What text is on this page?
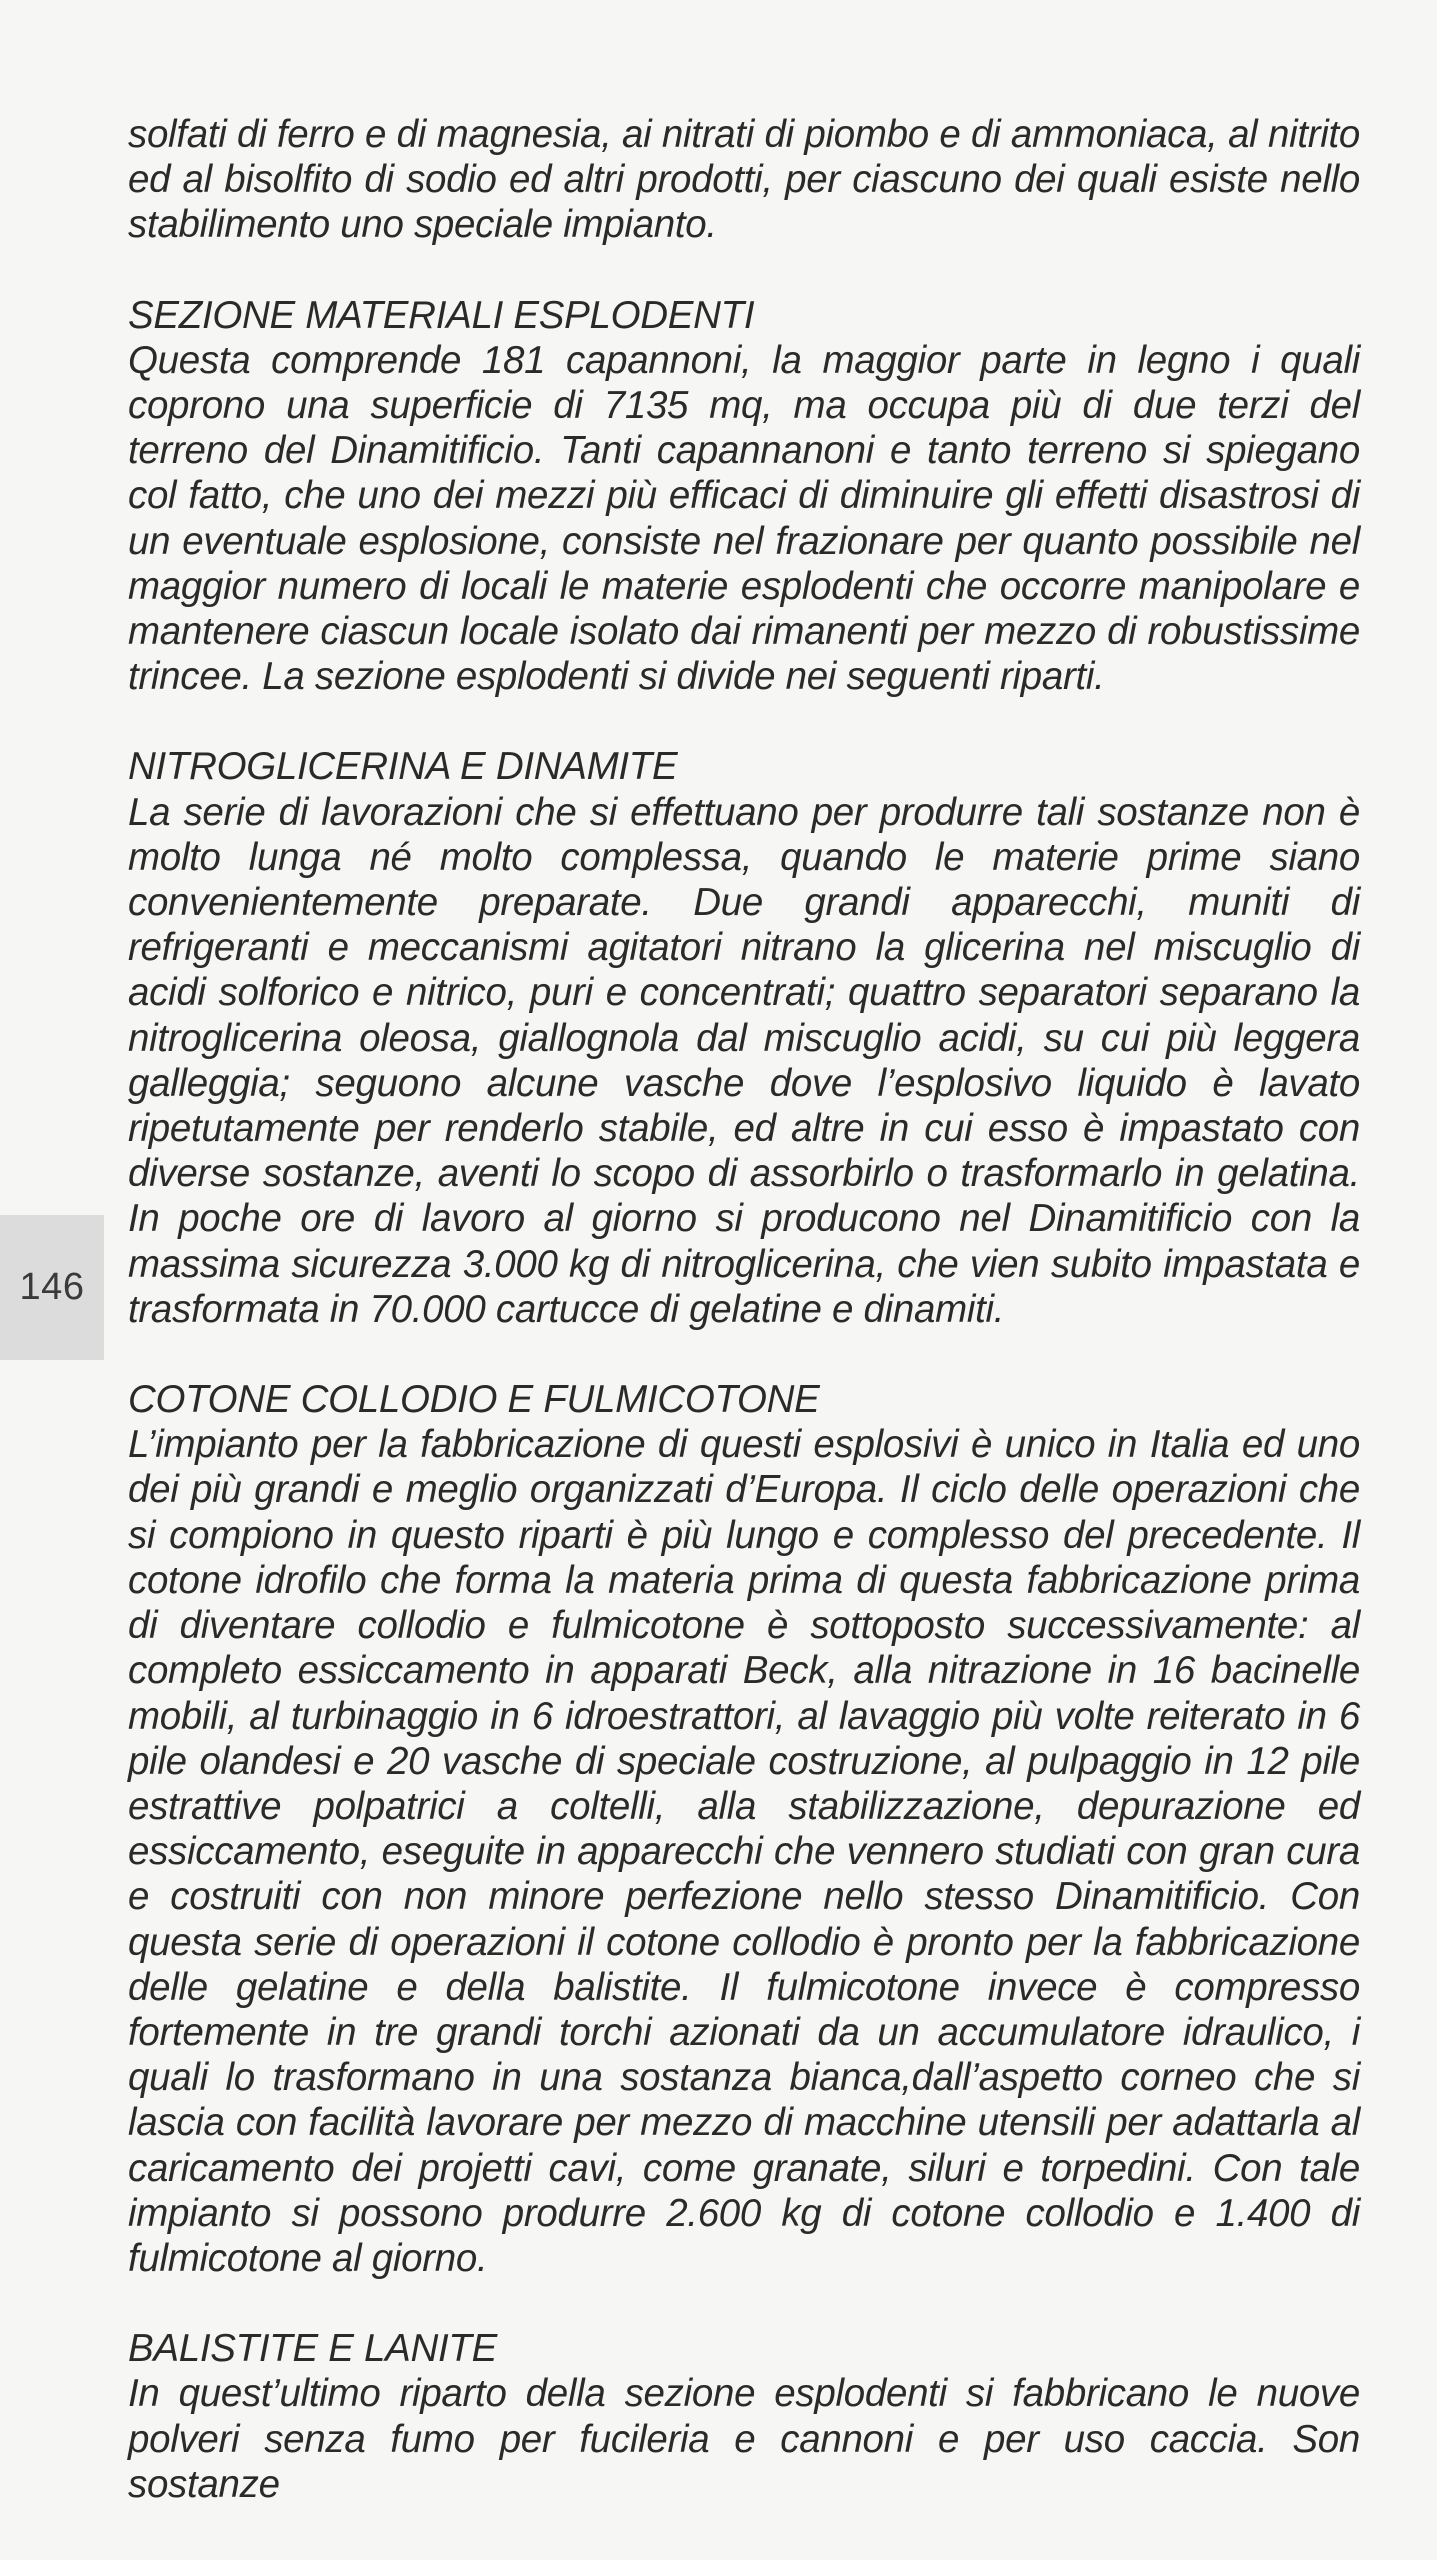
solfati di ferro e di magnesia, ai nitrati di piombo e di ammoniaca, al nitrito ed al bisolfito di sodio ed altri prodotti, per ciascuno dei quali esiste nello stabilimento uno speciale impianto.

SEZIONE MATERIALI ESPLODENTI

Questa comprende 181 capannoni, la maggior parte in legno i quali coprono una superficie di 7135 mq, ma occupa più di due terzi del terreno del Dinamitificio. Tanti capannanoni e tanto terreno si spiegano col fatto, che uno dei mezzi più efficaci di diminuire gli effetti disastrosi di un eventuale esplosione, consiste nel frazionare per quanto possibile nel maggior numero di locali le materie esplodenti che occorre manipolare e mantenere ciascun locale isolato dai rimanenti per mezzo di robustissime trincee. La sezione esplodenti si divide nei seguenti riparti.

NITROGLICERINA E DINAMITE

La serie di lavorazioni che si effettuano per produrre tali sostanze non è molto lunga né molto complessa, quando le materie prime siano convenientemente preparate. Due grandi apparecchi, muniti di refrigeranti e meccanismi agitatori nitrano la glicerina nel miscuglio di acidi solforico e nitrico, puri e concentrati; quattro separatori separano la nitroglicerina oleosa, giallognola dal miscuglio acidi, su cui più leggera galleggia; seguono alcune vasche dove l’esplosivo liquido è lavato ripetutamente per renderlo stabile, ed altre in cui esso è impastato con diverse sostanze, aventi lo scopo di assorbirlo o trasformarlo in gelatina. In poche ore di lavoro al giorno si producono nel Dinamitificio con la massima sicurezza 3.000 kg di nitroglicerina, che vien subito impastata e trasformata in 70.000 cartucce di gelatine e dinamiti.

COTONE COLLODIO E FULMICOTONE

L’impianto per la fabbricazione di questi esplosivi è unico in Italia ed uno dei più grandi e meglio organizzati d’Europa. Il ciclo delle operazioni che si compiono in questo riparti è più lungo e complesso del precedente. Il cotone idrofilo che forma la materia prima di questa fabbricazione prima di diventare collodio e fulmicotone è sottoposto successivamente: al completo essiccamento in apparati Beck, alla nitrazione in 16 bacinelle mobili, al turbinaggio in 6 idroestrattori, al lavaggio più volte reiterato in 6 pile olandesi e 20 vasche di speciale costruzione, al pulpaggio in 12 pile estrattive polpatrici a coltelli, alla stabilizzazione, depurazione ed essiccamento, eseguite in apparecchi che vennero studiati con gran cura e costruiti con non minore perfezione nello stesso Dinamitificio. Con questa serie di operazioni il cotone collodio è pronto per la fabbricazione delle gelatine e della balistite. Il fulmicotone invece è compresso fortemente in tre grandi torchi azionati da un accumulatore idraulico, i quali lo trasformano in una sostanza bianca,dall’aspetto corneo che si lascia con facilità lavorare per mezzo di macchine utensili per adattarla al caricamento dei projetti cavi, come granate, siluri e torpedini. Con tale impianto si possono produrre 2.600 kg di cotone collodio e 1.400 di fulmicotone al giorno.

BALISTITE E LANITE

In quest’ultimo riparto della sezione esplodenti si fabbricano le nuove polveri senza fumo per fucileria e cannoni e per uso caccia. Son sostanze

146
